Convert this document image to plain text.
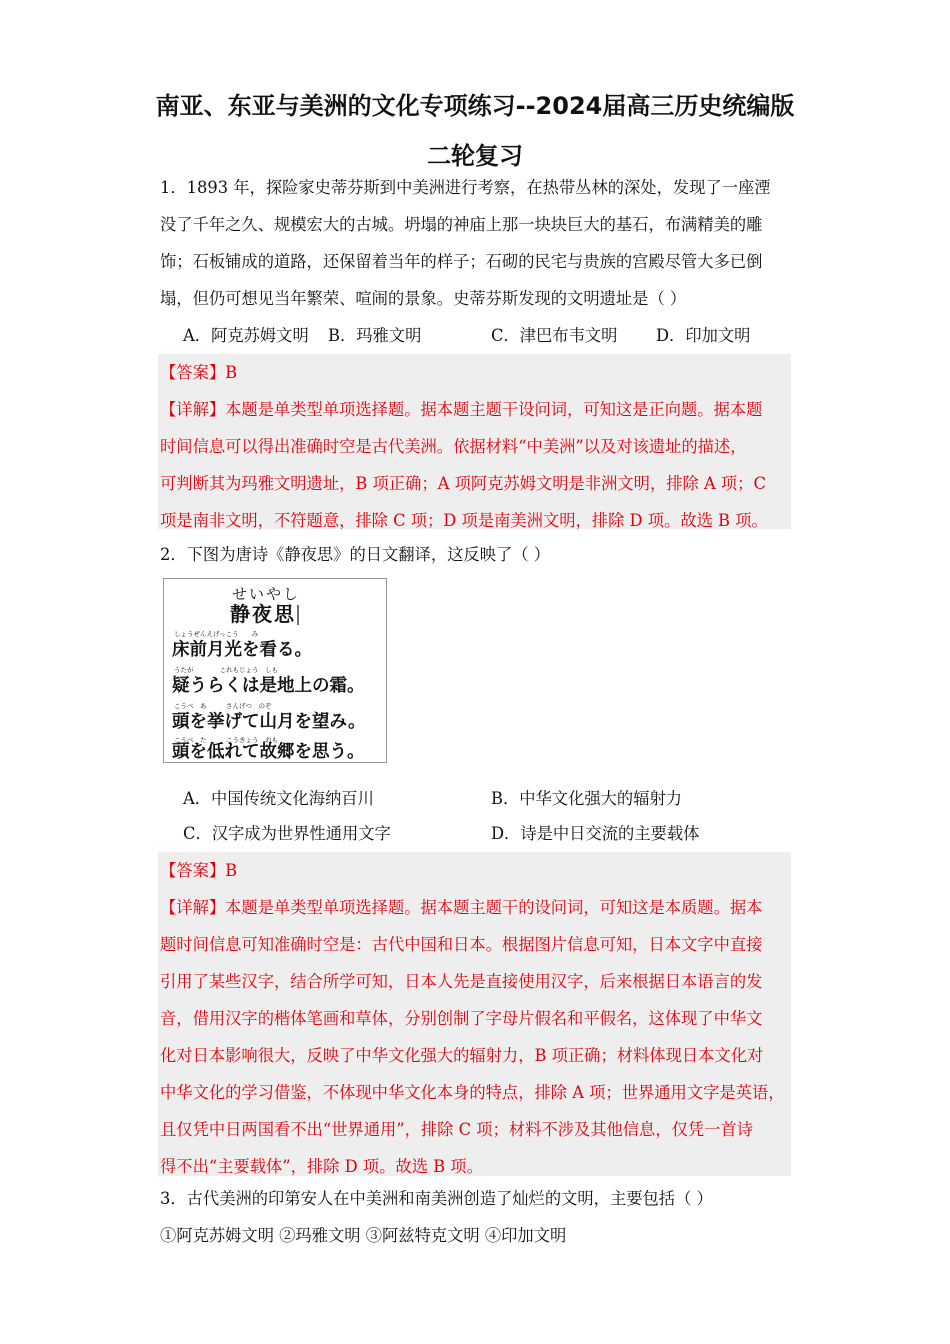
南亚、东亚与美洲的文化专项练习--2024届高三历史统编版
二轮复习
1．1893 年，探险家史蒂芬斯到中美洲进行考察，在热带丛林的深处，发现了一座湮
没了千年之久、规模宏大的古城。坍塌的神庙上那一块块巨大的基石，布满精美的雕
饰；石板铺成的道路，还保留着当年的样子；石砌的民宅与贵族的宫殿尽管大多已倒
塌，但仍可想见当年繁荣、喧闹的景象。史蒂芬斯发现的文明遗址是（ ）
A．阿克苏姆文明 B．玛雅文明	C．津巴布韦文明 D．印加文明
【答案】B
【详解】本题是单类型单项选择题。据本题主题干设问词，可知这是正向题。据本题
时间信息可以得出准确时空是古代美洲。依据材料“中美洲”以及对该遗址的描述，
可判断其为玛雅文明遗址，B 项正确；A 项阿克苏姆文明是非洲文明，排除 A 项；C
项是南非文明，不符题意，排除 C 项；D 项是南美洲文明，排除 D 项。故选 B 项。
2．下图为唐诗《静夜思》的日文翻译，这反映了（ ）
せいやし
静夜思
しょうぜんえげっこう　　み
床前月光を看る。
うたが　　　　これもじょう　しも
疑うらくは是地上の霜。
こうべ　あ　　　さんげつ　のぞ
頭を挙げて山月を望み。
こうべ　た　　　こうきょう　おも
頭を低れて故郷を思う。
A．中国传统文化海纳百川	B．中华文化强大的辐射力
C．汉字成为世界性通用文字	D．诗是中日交流的主要载体
【答案】B
【详解】本题是单类型单项选择题。据本题主题干的设问词，可知这是本质题。据本
题时间信息可知准确时空是：古代中国和日本。根据图片信息可知，日本文字中直接
引用了某些汉字，结合所学可知，日本人先是直接使用汉字，后来根据日本语言的发
音，借用汉字的楷体笔画和草体，分别创制了字母片假名和平假名，这体现了中华文
化对日本影响很大，反映了中华文化强大的辐射力，B 项正确；材料体现日本文化对
中华文化的学习借鉴，不体现中华文化本身的特点，排除 A 项；世界通用文字是英语，
且仅凭中日两国看不出“世界通用”，排除 C 项；材料不涉及其他信息，仅凭一首诗
得不出“主要载体”，排除 D 项。故选 B 项。
3．古代美洲的印第安人在中美洲和南美洲创造了灿烂的文明，主要包括（ ）
①阿克苏姆文明 ②玛雅文明 ③阿兹特克文明 ④印加文明
